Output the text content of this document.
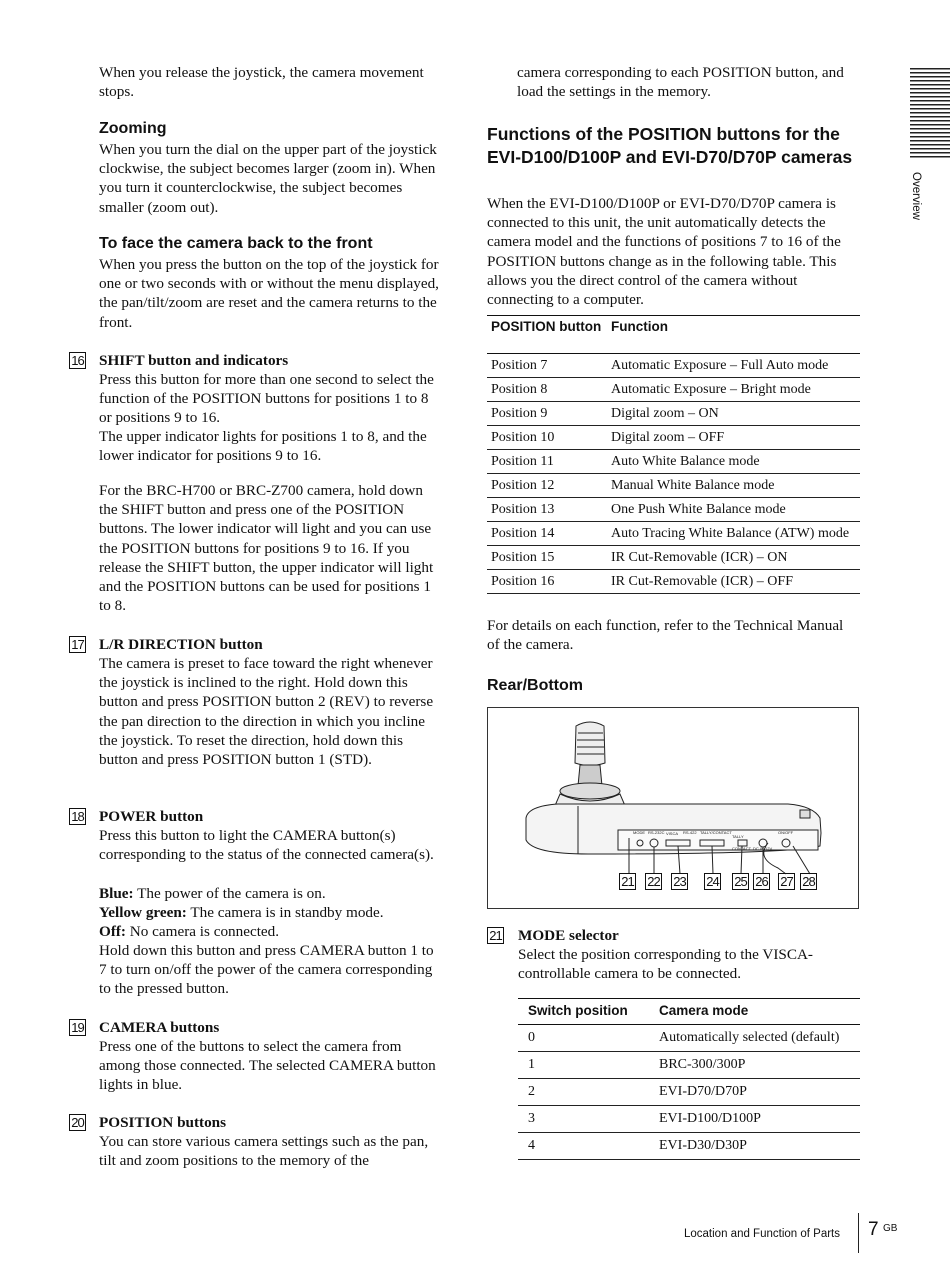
When you release the joystick, the camera movement stops.

Zooming

When you turn the dial on the upper part of the joystick clockwise, the subject becomes larger (zoom in). When you turn it counterclockwise, the subject becomes smaller (zoom out).

To face the camera back to the front

When you press the button on the top of the joystick for one or two seconds with or without the menu displayed, the pan/tilt/zoom are reset and the camera returns to the front.

16 SHIFT button and indicators

Press this button for more than one second to select the function of the POSITION buttons for positions 1 to 8 or positions 9 to 16.

The upper indicator lights for positions 1 to 8, and the lower indicator for positions 9 to 16.

For the BRC-H700 or BRC-Z700 camera, hold down the SHIFT button and press one of the POSITION buttons. The lower indicator will light and you can use the POSITION buttons for positions 9 to 16. If you release the SHIFT button, the upper indicator will light and the POSITION buttons can be used for positions 1 to 8.

17 L/R DIRECTION button

The camera is preset to face toward the right whenever the joystick is inclined to the right. Hold down this button and press POSITION button 2 (REV) to reverse the pan direction to the direction in which you incline the joystick. To reset the direction, hold down this button and press POSITION button 1 (STD).

18 POWER button

Press this button to light the CAMERA button(s) corresponding to the status of the connected camera(s).

Blue: The power of the camera is on.

Yellow green: The camera is in standby mode.

Off: No camera is connected.

Hold down this button and press CAMERA button 1 to 7 to turn on/off the power of the camera corresponding to the pressed button.

19 CAMERA buttons

Press one of the buttons to select the camera from among those connected. The selected CAMERA button lights in blue.

20 POSITION buttons

You can store various camera settings such as the pan, tilt and zoom positions to the memory of the

camera corresponding to each POSITION button, and load the settings in the memory.

Functions of the POSITION buttons for the EVI-D100/D100P and EVI-D70/D70P cameras

When the EVI-D100/D100P or EVI-D70/D70P camera is connected to this unit, the unit automatically detects the camera model and the functions of positions 7 to 16 of the POSITION buttons change as in the following table. This allows you the direct control of the camera without connecting to a computer.

POSITION button	Function
Position 7	Automatic Exposure – Full Auto mode
Position 8	Automatic Exposure – Bright mode
Position 9	Digital zoom – ON
Position 10	Digital zoom – OFF
Position 11	Auto White Balance mode
Position 12	Manual White Balance mode
Position 13	One Push White Balance mode
Position 14	Auto Tracing White Balance (ATW) mode
Position 15	IR Cut-Removable (ICR) – ON
Position 16	IR Cut-Removable (ICR) – OFF

For details on each function, refer to the Technical Manual of the camera.

Rear/Bottom
MODE RS-232C VISCA RS-422 TALLY/CONTACT
TALLY
CONTACT DC IN 12V
ON/OFF
21 22 23 24 25 26 27 28
21 MODE selector

Select the position corresponding to the VISCA-controllable camera to be connected.

Switch position	Camera mode
0	Automatically selected (default)
1	BRC-300/300P
2	EVI-D70/D70P
3	EVI-D100/D100P
4	EVI-D30/D30P
Overview
Location and Function of Parts 7 GB
